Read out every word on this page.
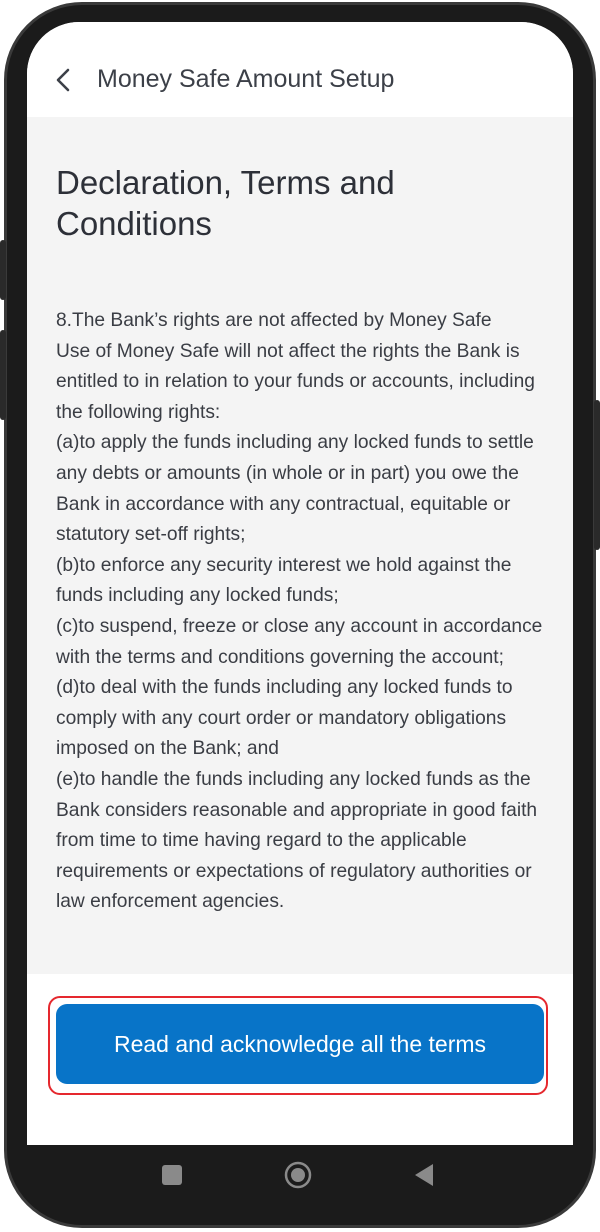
Money Safe Amount Setup
Declaration, Terms and Conditions

8.The Bank’s rights are not affected by Money Safe

Use of Money Safe will not affect the rights the Bank is entitled to in relation to your funds or accounts, including the following rights:

(a)to apply the funds including any locked funds to settle any debts or amounts (in whole or in part) you owe the Bank in accordance with any contractual, equitable or statutory set-off rights;

(b)to enforce any security interest we hold against the funds including any locked funds;

(c)to suspend, freeze or close any account in accordance with the terms and conditions governing the account;

(d)to deal with the funds including any locked funds to comply with any court order or mandatory obligations imposed on the Bank; and

(e)to handle the funds including any locked funds as the Bank considers reasonable and appropriate in good faith from time to time having regard to the applicable requirements or expectations of regulatory authorities or law enforcement agencies.

Read and acknowledge all the terms
